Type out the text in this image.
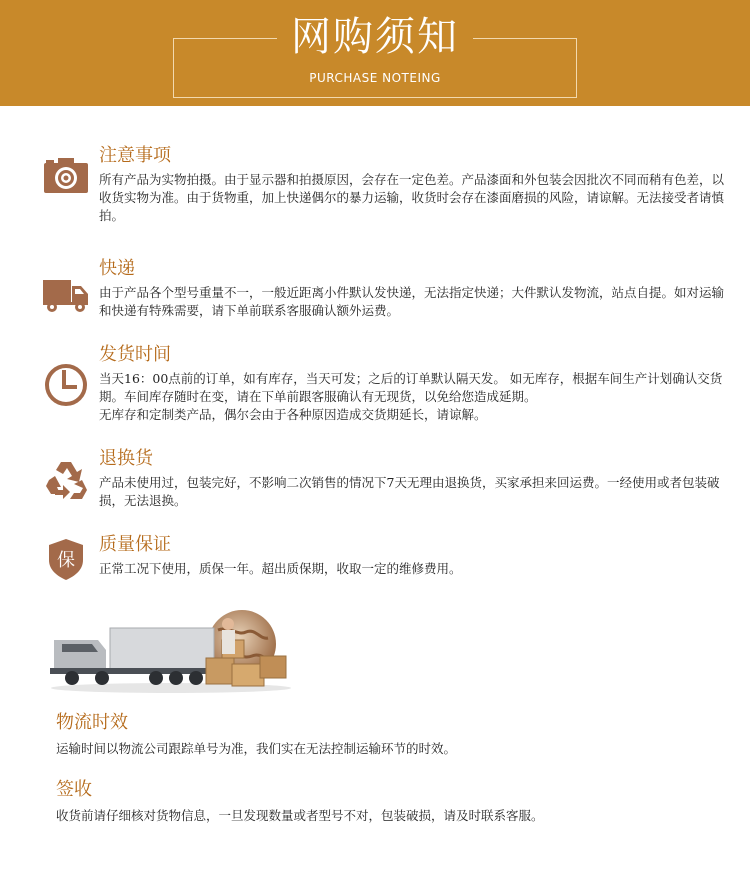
网购须知
PURCHASE NOTEING
注意事项

所有产品为实物拍摄。由于显示器和拍摄原因，会存在一定色差。产品漆面和外包装会因批次不同而稍有色差，以收货实物为准。由于货物重，加上快递偶尔的暴力运输，收货时会存在漆面磨损的风险，请谅解。无法接受者请慎拍。

快递

由于产品各个型号重量不一，一般近距离小件默认发快递，无法指定快递；大件默认发物流，站点自提。如对运输和快递有特殊需要，请下单前联系客服确认额外运费。

发货时间

当天16：00点前的订单，如有库存，当天可发；之后的订单默认隔天发。 如无库存，根据车间生产计划确认交货期。车间库存随时在变，请在下单前跟客服确认有无现货，以免给您造成延期。
无库存和定制类产品，偶尔会由于各种原因造成交货期延长，请谅解。

退换货

产品未使用过，包装完好，不影响二次销售的情况下7天无理由退换货，买家承担来回运费。一经使用或者包装破损，无法退换。

保
质量保证

正常工况下使用，质保一年。超出质保期，收取一定的维修费用。

物流时效

运输时间以物流公司跟踪单号为准，我们实在无法控制运输环节的时效。

签收

收货前请仔细核对货物信息，一旦发现数量或者型号不对，包装破损，请及时联系客服。
